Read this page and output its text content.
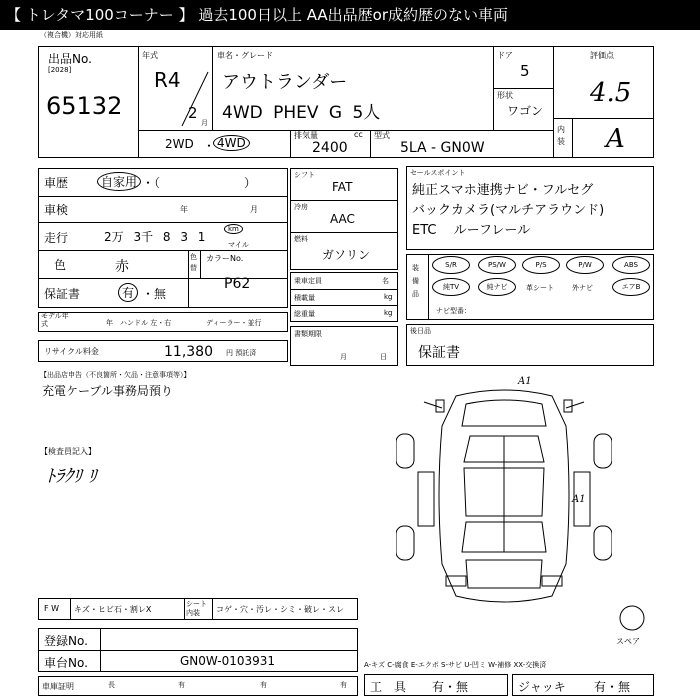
【 トレタマ100コーナー 】 過去100日以上 AA出品歴or成約歴のない車両
（複合機）対応用紙
出品No.
[2028]
65132
年式
R4
2
月
車名・グレード
アウトランダー
4WD PHEV G 5人
ドア
5
形状
ワゴン
評価点
4.5
内装 A
2WD ・ 4WD
排気量	cc
2400
型式
5LA - GN0W
車歴	自家用 ・（　　　　　　　）
車検	年	月
走行	2万 3千 8 3 1
km
マイル
色	赤
色替
カラーNo.
保証書	有 ・無
P62
モデル年式	年 ハンドル 左・右	ディーラー・並行
リサイクル料金	11,380 円 預託済
シフト
FAT
冷房
AAC
燃料
ガソリン
乗車定員	名
積載量	kg
総重量	kg
書類期限
月	日
セールスポイント
純正スマホ連携ナビ・フルセグ
バックカメラ(マルチアラウンド)
ETC　 ルーフレール
装備品
S/R	PS/W	P/S	P/W	ABS
純TV	純ナビ	革シート	外ナビ	エアB
ナビ型番：
後日品
保証書
【出品店申告（不良箇所・欠品・注意事項等）】
充電ケーブル事務局預り
【検査員記入】
ﾄﾗｸﾘ ﾘ
A1
A1
スペア
F W キズ・ヒビ石・割レX
シート内装	コゲ・穴・汚レ・シミ・破レ・スレ
登録No.
車台No.	GN0W-0103931
車庫証明	長	有	有	有
A-キズ C-腐食 E-エクボ S-サビ U-凹ミ W-補修 XX-交換済
工　具 有・無	ジャッキ 有・無
